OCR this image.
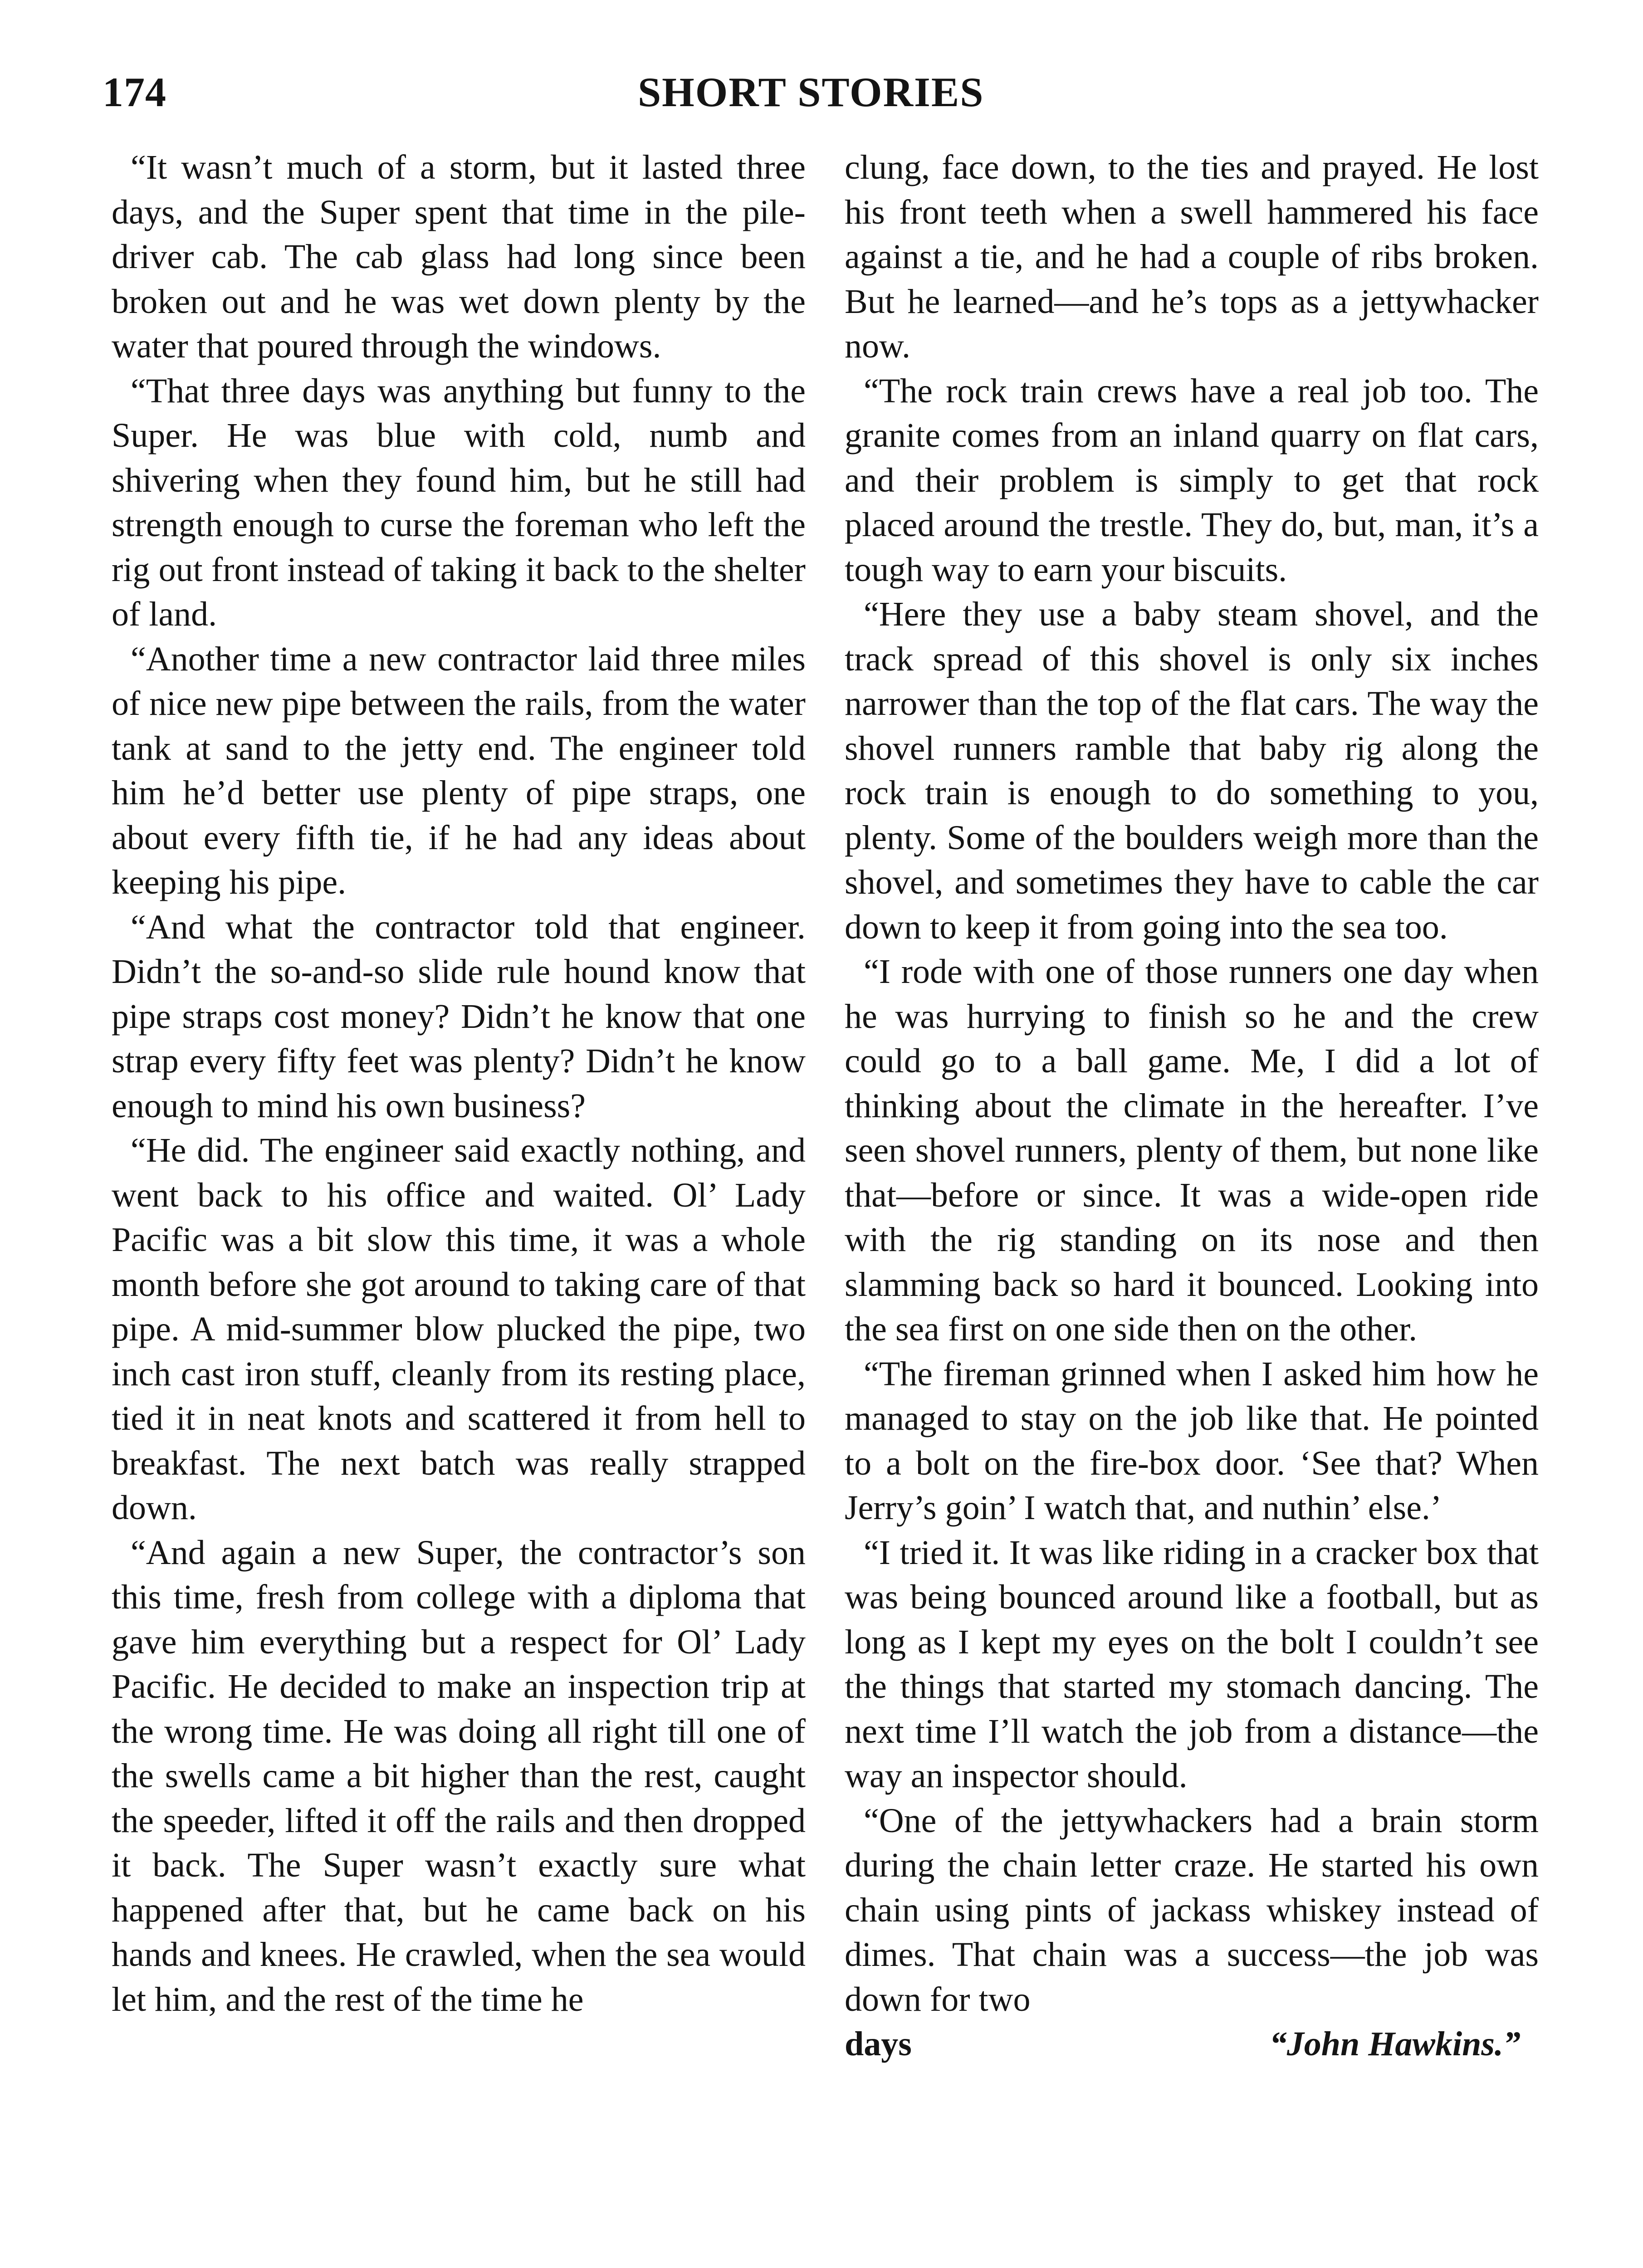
174	SHORT STORIES

“It wasn’t much of a storm, but it lasted three days, and the Super spent that time in the pile-driver cab. The cab glass had long since been broken out and he was wet down plenty by the water that poured through the windows.

“That three days was anything but funny to the Super. He was blue with cold, numb and shivering when they found him, but he still had strength enough to curse the foreman who left the rig out front instead of taking it back to the shelter of land.

“Another time a new contractor laid three miles of nice new pipe between the rails, from the water tank at sand to the jetty end. The engineer told him he’d better use plenty of pipe straps, one about every fifth tie, if he had any ideas about keeping his pipe.

“And what the contractor told that engineer. Didn’t the so-and-so slide rule hound know that pipe straps cost money? Didn’t he know that one strap every fifty feet was plenty? Didn’t he know enough to mind his own business?

“He did. The engineer said exactly nothing, and went back to his office and waited. Ol’ Lady Pacific was a bit slow this time, it was a whole month before she got around to taking care of that pipe. A mid-summer blow plucked the pipe, two inch cast iron stuff, cleanly from its resting place, tied it in neat knots and scattered it from hell to breakfast. The next batch was really strapped down.

“And again a new Super, the contractor’s son this time, fresh from college with a diploma that gave him everything but a respect for Ol’ Lady Pacific. He decided to make an inspection trip at the wrong time. He was doing all right till one of the swells came a bit higher than the rest, caught the speeder, lifted it off the rails and then dropped it back. The Super wasn’t exactly sure what happened after that, but he came back on his hands and knees. He crawled, when the sea would let him, and the rest of the time he

clung, face down, to the ties and prayed. He lost his front teeth when a swell hammered his face against a tie, and he had a couple of ribs broken. But he learned—and he’s tops as a jettywhacker now.

“The rock train crews have a real job too. The granite comes from an inland quarry on flat cars, and their problem is simply to get that rock placed around the trestle. They do, but, man, it’s a tough way to earn your biscuits.

“Here they use a baby steam shovel, and the track spread of this shovel is only six inches narrower than the top of the flat cars. The way the shovel runners ramble that baby rig along the rock train is enough to do something to you, plenty. Some of the boulders weigh more than the shovel, and sometimes they have to cable the car down to keep it from going into the sea too.

“I rode with one of those runners one day when he was hurrying to finish so he and the crew could go to a ball game. Me, I did a lot of thinking about the climate in the hereafter. I’ve seen shovel runners, plenty of them, but none like that—before or since. It was a wide-open ride with the rig standing on its nose and then slamming back so hard it bounced. Looking into the sea first on one side then on the other.

“The fireman grinned when I asked him how he managed to stay on the job like that. He pointed to a bolt on the fire-box door. ‘See that? When Jerry’s goin’ I watch that, and nuthin’ else.’

“I tried it. It was like riding in a cracker box that was being bounced around like a football, but as long as I kept my eyes on the bolt I couldn’t see the things that started my stomach dancing. The next time I’ll watch the job from a distance—the way an inspector should.

“One of the jettywhackers had a brain storm during the chain letter craze. He started his own chain using pints of jackass whiskey instead of dimes. That chain was a success—the job was down for two

days	“John Hawkins.”
